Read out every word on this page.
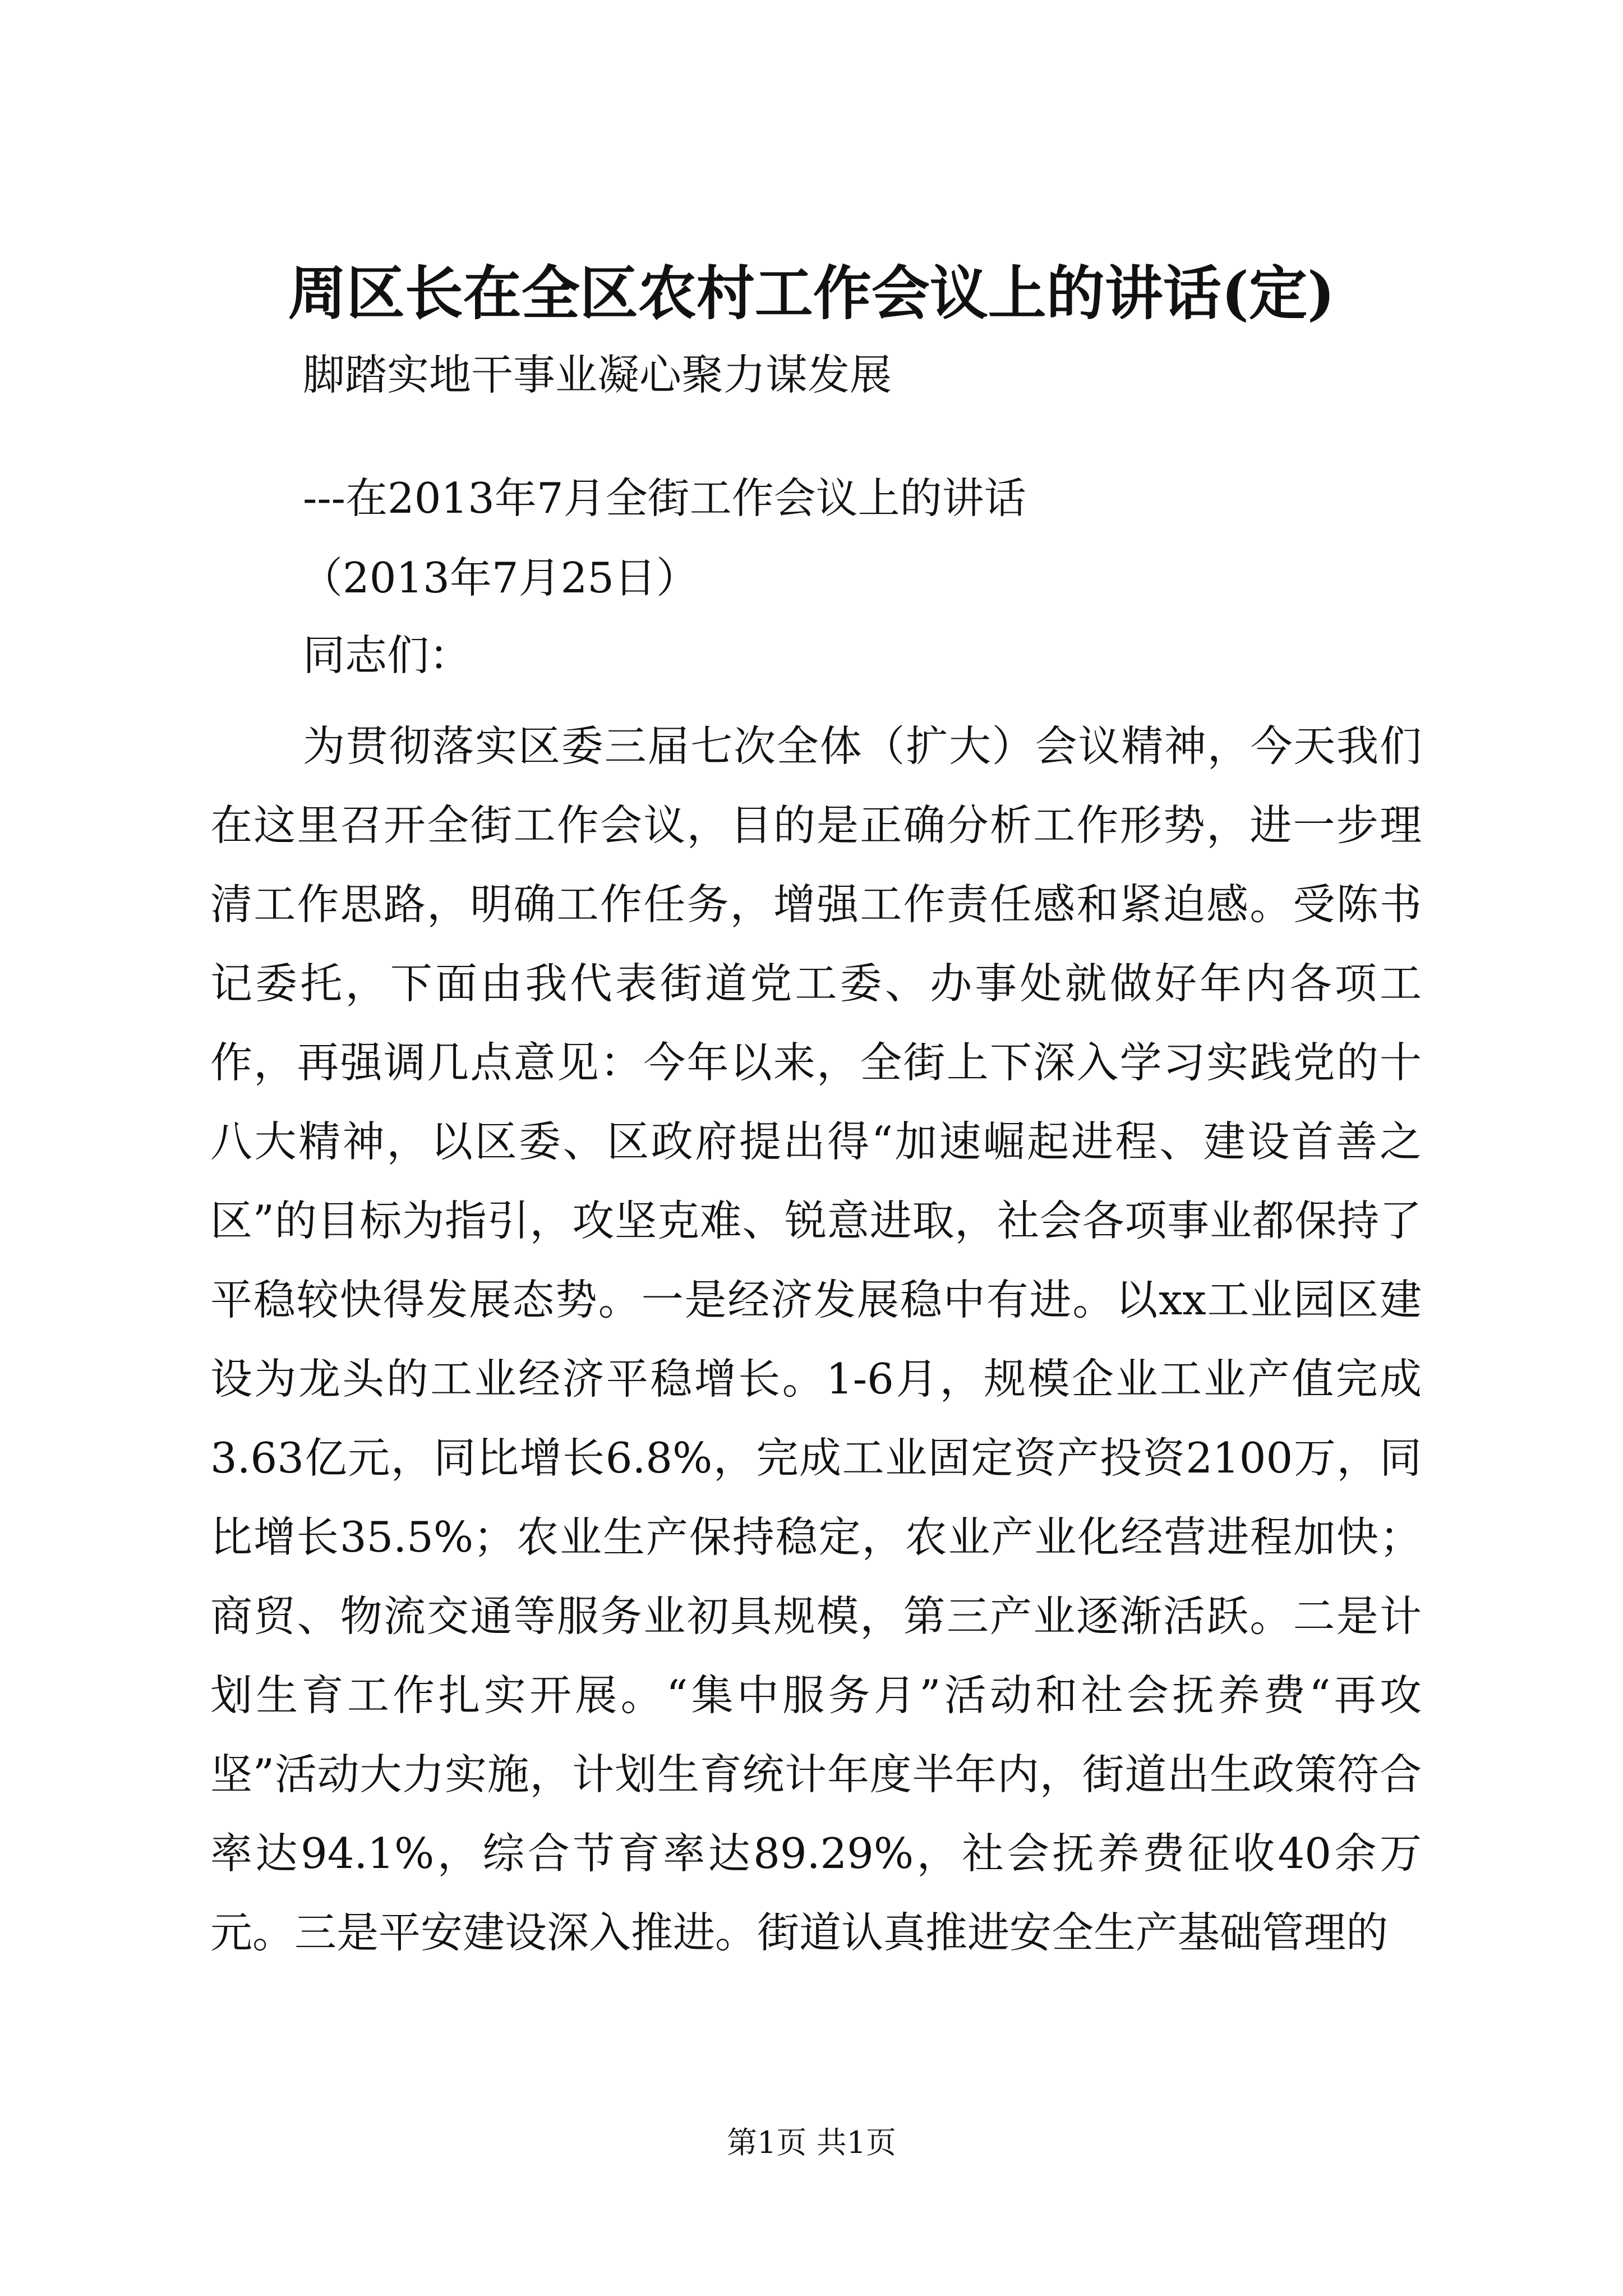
周区长在全区农村工作会议上的讲话(定)
脚踏实地干事业凝心聚力谋发展
---在2013年7月全街工作会议上的讲话
（2013年7月25日）
同志们：
为贯彻落实区委三届七次全体（扩大）会议精神，今天我们在这里召开全街工作会议，目的是正确分析工作形势，进一步理清工作思路，明确工作任务，增强工作责任感和紧迫感。受陈书记委托，下面由我代表街道党工委、办事处就做好年内各项工作，再强调几点意见：今年以来，全街上下深入学习实践党的十八大精神，以区委、区政府提出得“加速崛起进程、建设首善之区”的目标为指引，攻坚克难、锐意进取，社会各项事业都保持了平稳较快得发展态势。一是经济发展稳中有进。以xx工业园区建设为龙头的工业经济平稳增长。1-6月，规模企业工业产值完成3.63亿元，同比增长6.8%，完成工业固定资产投资2100万，同比增长35.5%；农业生产保持稳定，农业产业化经营进程加快；商贸、物流交通等服务业初具规模，第三产业逐渐活跃。二是计划生育工作扎实开展。“集中服务月”活动和社会抚养费“再攻坚”活动大力实施，计划生育统计年度半年内，街道出生政策符合率达94.1%，综合节育率达89.29%，社会抚养费征收40余万元。三是平安建设深入推进。街道认真推进安全生产基础管理的
第1页 共1页
